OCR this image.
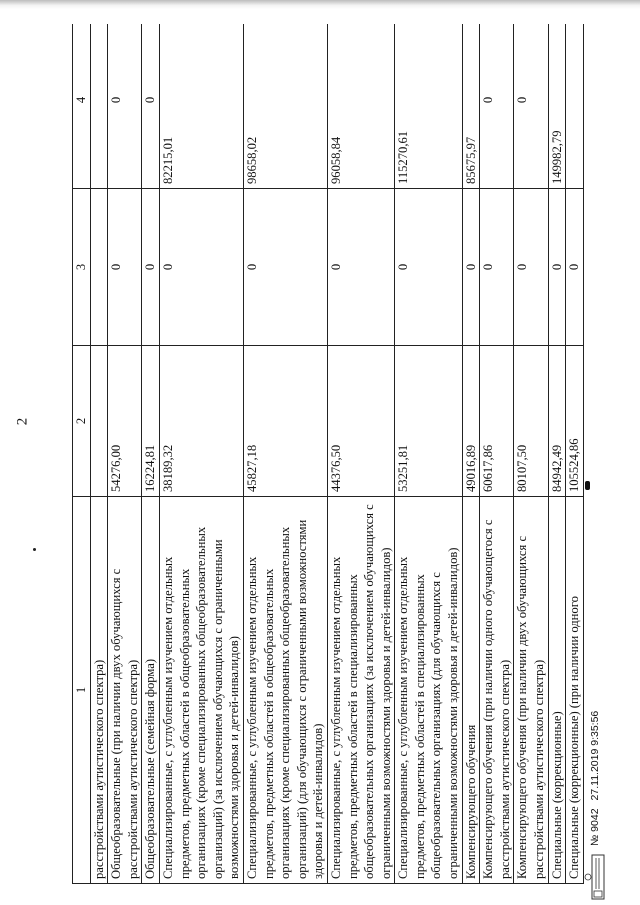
2
1	2	3	4
расстройствами аутистического спектра)			
Общеобразовательные (при наличии двух обучающихся с расстройствами аутистического спектра)	54276,00	0	0
Общеобразовательные (семейная форма)	16224,81	0	0
Специализированные, с углубленным изучением отдельных предметов, предметных областей в общеобразовательных организациях (кроме специализированных общеобразовательных организаций) (за исключением обучающихся с ограниченными возможностями здоровья и детей-инвалидов)	38189,32	0	82215,01
Специализированные, с углубленным изучением отдельных предметов, предметных областей в общеобразовательных организациях (кроме специализированных общеобразовательных организаций) (для обучающихся с ограниченными возможностями здоровья и детей-инвалидов)	45827,18	0	98658,02
Специализированные, с углубленным изучением отдельных предметов, предметных областей в специализированных общеобразовательных организациях (за исключением обучающихся с ограниченными возможностями здоровья и детей-инвалидов)	44376,50	0	96058,84
Специализированные, с углубленным изучением отдельных предметов, предметных областей в специализированных общеобразовательных организациях (для обучающихся с ограниченными возможностями здоровья и детей-инвалидов)	53251,81	0	115270,61
Компенсирующего обучения	49016,89	0	85675,97
Компенсирующего обучения (при наличии одного обучающегося с расстройствами аутистического спектра)	60617,86	0	0
Компенсирующего обучения (при наличии двух обучающихся с расстройствами аутистического спектра)	80107,50	0	0
Специальные (коррекционные)	84942,49	0	149982,79
Специальные (коррекционные) (при наличии одного	105524,86	0	
№ 9042
27.11.2019 9:35:56
